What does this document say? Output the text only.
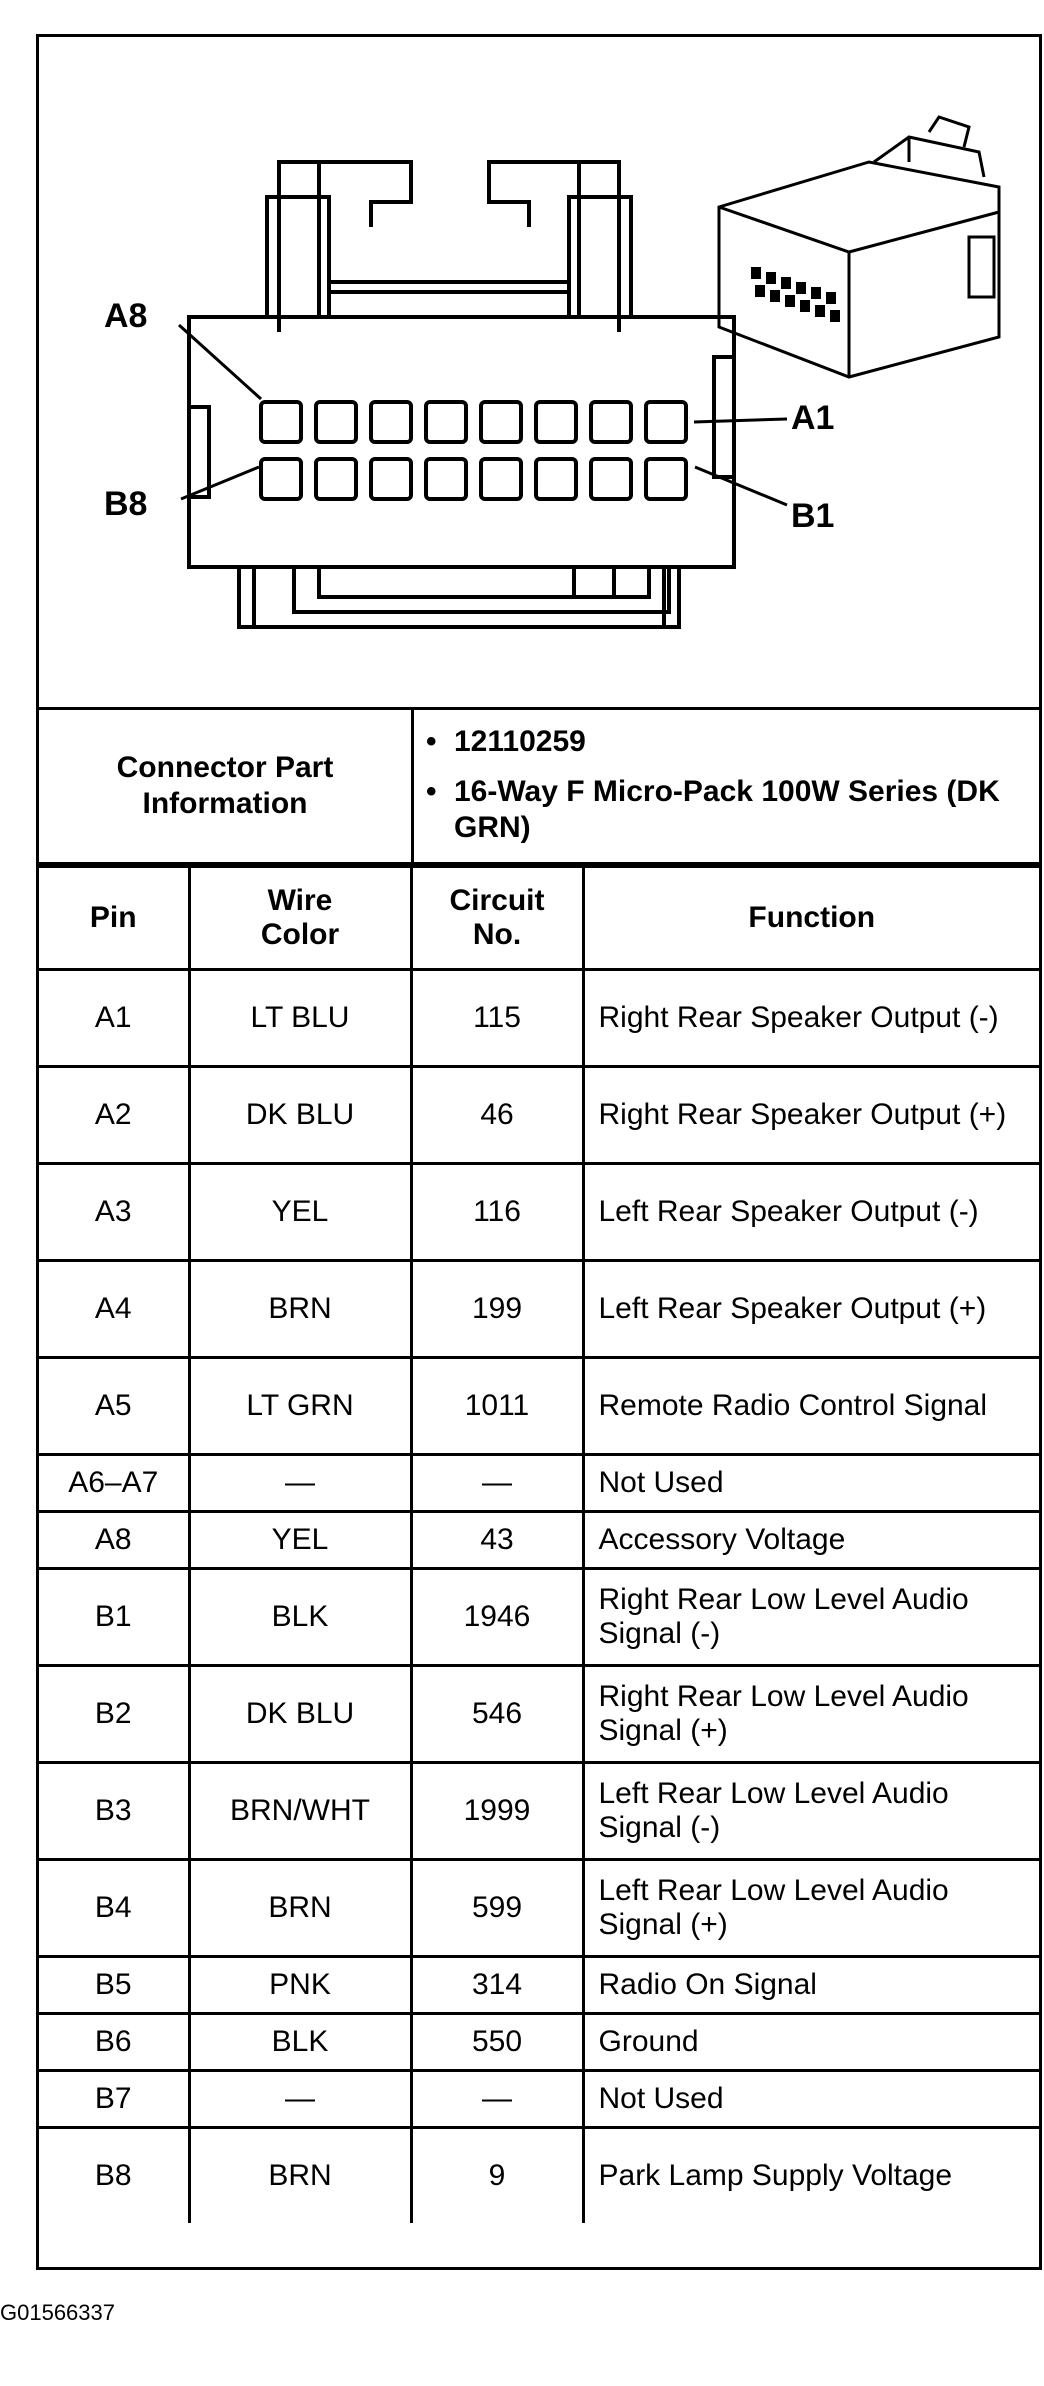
A8
A1
B8	B1
Connector Part Information
• 12110259
• 16-Way F Micro-Pack 100W Series (DK GRN)
Pin	Wire Color	Circuit No.	Function
A1	LT BLU	115	Right Rear Speaker Output (-)
A2	DK BLU	46	Right Rear Speaker Output (+)
A3	YEL	116	Left Rear Speaker Output (-)
A4	BRN	199	Left Rear Speaker Output (+)
A5	LT GRN	1011	Remote Radio Control Signal
A6–A7	—	—	Not Used
A8	YEL	43	Accessory Voltage
B1	BLK	1946	Right Rear Low Level Audio Signal (-)
B2	DK BLU	546	Right Rear Low Level Audio Signal (+)
B3	BRN/WHT	1999	Left Rear Low Level Audio Signal (-)
B4	BRN	599	Left Rear Low Level Audio Signal (+)
B5	PNK	314	Radio On Signal
B6	BLK	550	Ground
B7	—	—	Not Used
B8	BRN	9	Park Lamp Supply Voltage
G01566337
